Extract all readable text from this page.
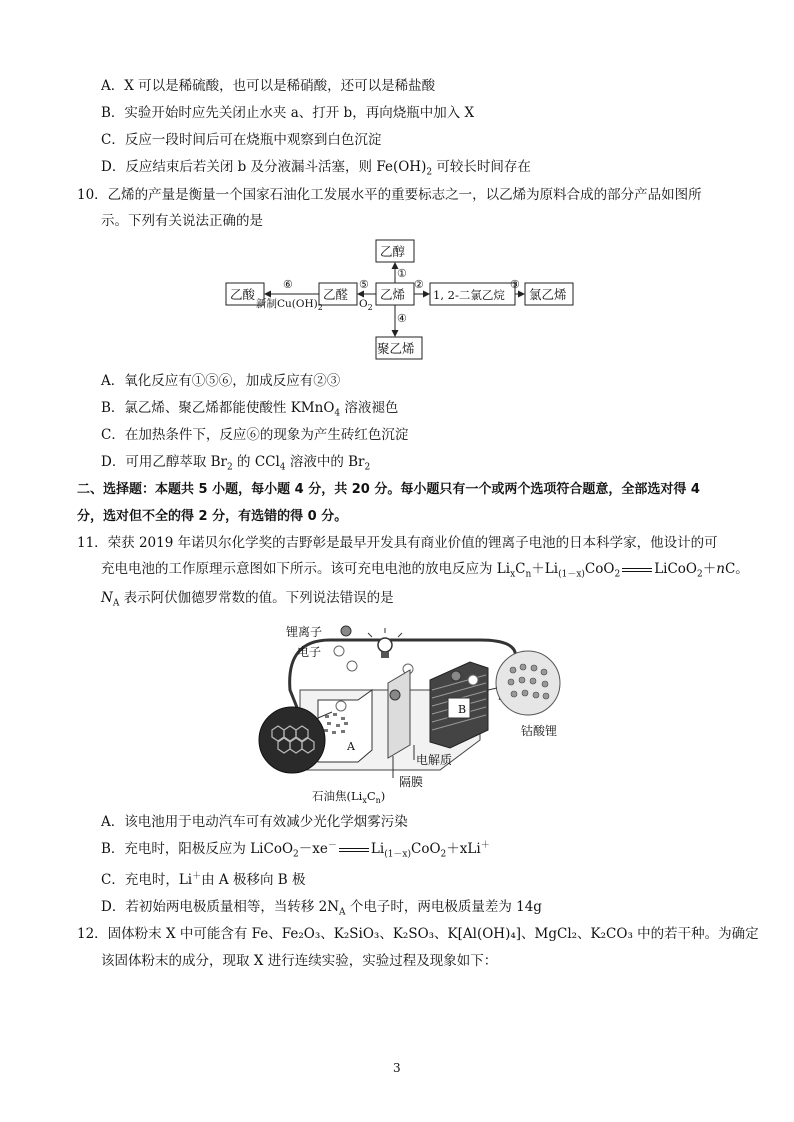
A．X 可以是稀硫酸，也可以是稀硝酸，还可以是稀盐酸
B．实验开始时应先关闭止水夹 a、打开 b，再向烧瓶中加入 X
C．反应一段时间后可在烧瓶中观察到白色沉淀
D．反应结束后若关闭 b 及分液漏斗活塞，则 $Fe(OH)_2$ 可较长时间存在
10．乙烯的产量是衡量一个国家石油化工发展水平的重要标志之一，以乙烯为原料合成的部分产品如图所
示。下列有关说法正确的是
乙醇
乙烯
聚乙烯
乙醛
乙酸	1, 2-二氯乙烷 氯乙烯
①
②	③
④
⑤
⑥
$O_2$
新制$Cu(OH)_2$
A．氧化反应有①⑤⑥，加成反应有②③
B．氯乙烯、聚乙烯都能使酸性 KMnO$_4$ 溶液褪色
C．在加热条件下，反应⑥的现象为产生砖红色沉淀
D．可用乙醇萃取 $Br_2$ 的 CCl$_4$ 溶液中的 $Br_2$
二、选择题：本题共 5 小题，每小题 4 分，共 20 分。每小题只有一个或两个选项符合题意，全部选对得 4
分，选对但不全的得 2 分，有选错的得 0 分。
11．荣获 2019 年诺贝尔化学奖的吉野彰是最早开发具有商业价值的锂离子电池的日本科学家，他设计的可
充电电池的工作原理示意图如下所示。该可充电电池的放电反应为 $Li_xC_n+Li_{(1-x)}CoO_2$	LiCoO$_2$＋nC。
$N_A$ 表示阿伏伽德罗常数的值。下列说法错误的是
锂离子
电子
A
B
电解质
隔膜
钴酸锂
石油焦$(Li_xC_n)$
A．该电池用于电动汽车可有效减少光化学烟雾污染
B．充电时，阳极反应为 LiCoO$_2$－xe－	$Li_{(1-x)}CoO_2+xLi^+$
C．充电时，Li＋由 A 极移向 B 极
D．若初始两电极质量相等，当转移 $2N_A$ 个电子时，两电极质量差为 14g
12．固体粉末 X 中可能含有 Fe、Fe₂O₃、K₂SiO₃、K₂SO₃、K[Al(OH)₄]、MgCl₂、K₂CO₃ 中的若干种。为确定
该固体粉末的成分，现取 X 进行连续实验，实验过程及现象如下：
3
